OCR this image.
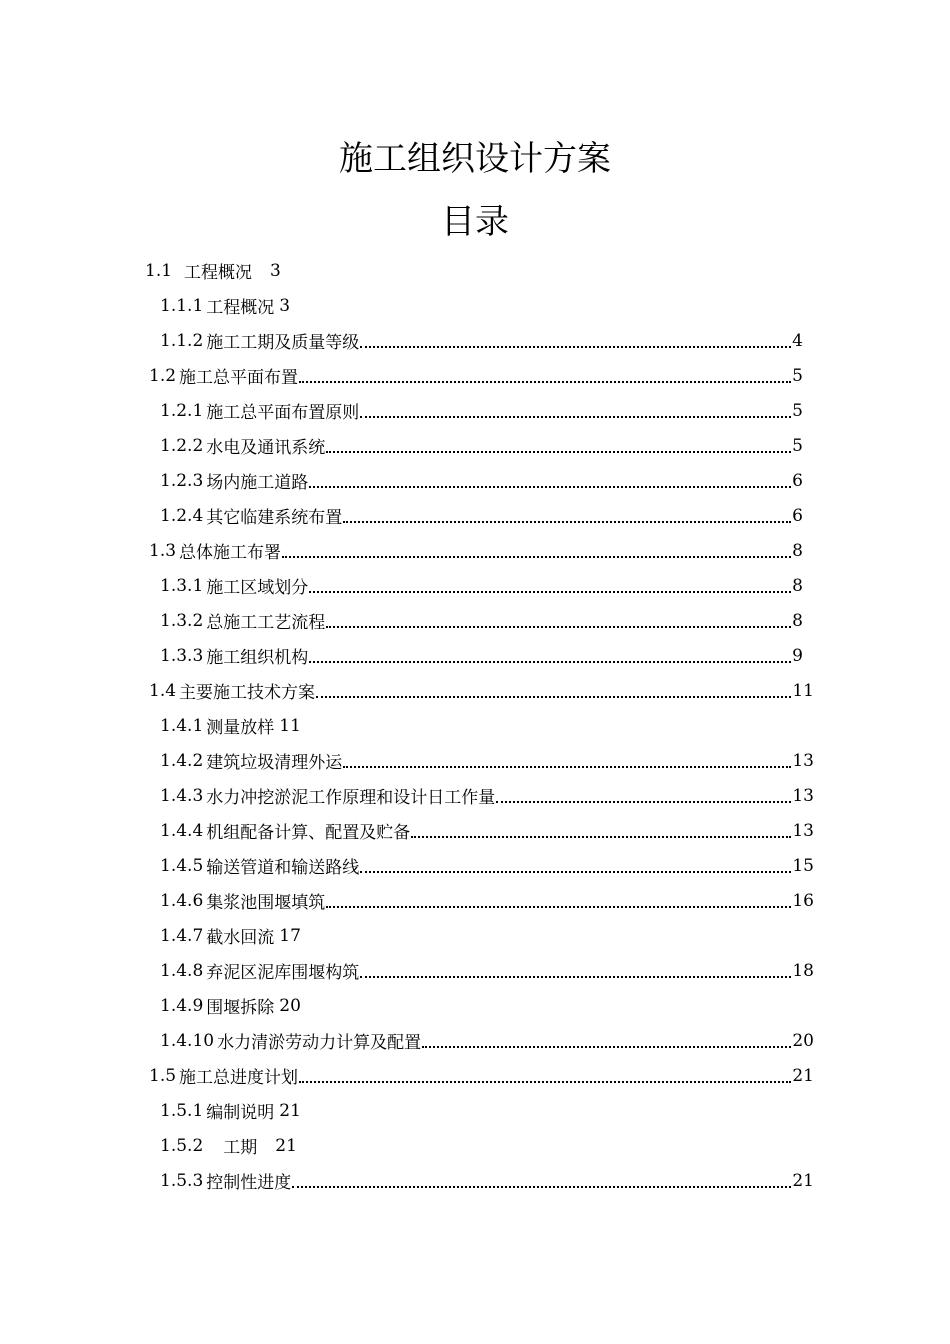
施工组织设计方案
目录
1.1 工程概况 3
1.1.1 工程概况 3
1.1.2 施工工期及质量等级	4
1.2 施工总平面布置	5
1.2.1 施工总平面布置原则	5
1.2.2 水电及通讯系统	5
1.2.3 场内施工道路	6
1.2.4 其它临建系统布置	6
1.3 总体施工布署	8
1.3.1 施工区域划分	8
1.3.2 总施工工艺流程	8
1.3.3 施工组织机构	9
1.4 主要施工技术方案	11
1.4.1 测量放样 11
1.4.2 建筑垃圾清理外运	13
1.4.3 水力冲挖淤泥工作原理和设计日工作量	13
1.4.4 机组配备计算、配置及贮备	13
1.4.5 输送管道和输送路线	15
1.4.6 集浆池围堰填筑	16
1.4.7 截水回流 17
1.4.8 弃泥区泥库围堰构筑	18
1.4.9 围堰拆除 20
1.4.10 水力清淤劳动力计算及配置	20
1.5 施工总进度计划	21
1.5.1 编制说明 21
1.5.2 工期 21
1.5.3 控制性进度	21
